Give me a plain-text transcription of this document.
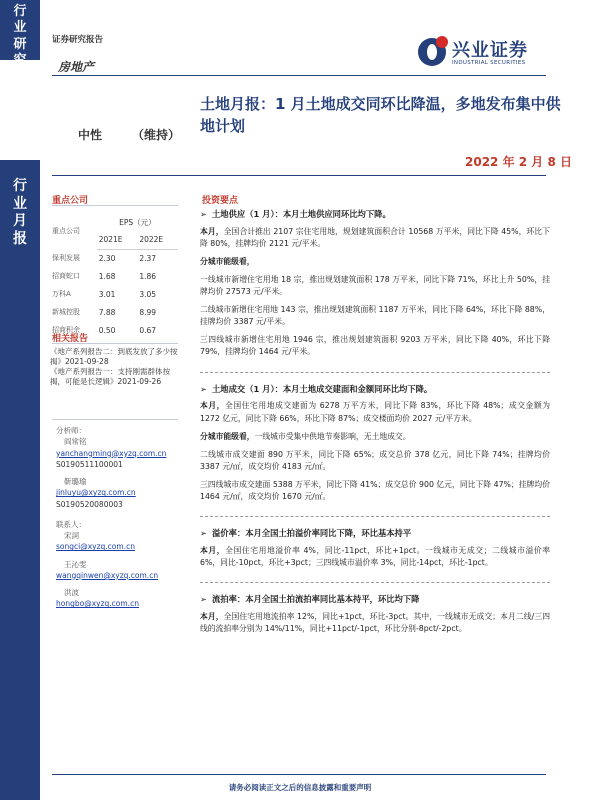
行
业
研
究
行
业
月
报
证券研究报告
房地产
兴业证券
INDUSTRIAL SECURITIES
中性 （维持）
土地月报：1 月土地成交同环比降温，多地发布集中供地计划
2022 年 2 月 8 日
重点公司
重点公司	EPS（元）	
	2021E	2022E
保利发展	2.30	2.37
招商蛇口	1.68	1.86
万科A	3.01	3.05
新城控股	7.88	8.99
招商积余	0.50	0.67
相关报告
《地产系列报告二：到底发放了多少按揭》2021-09-28
《地产系列报告一：支持刚需群体按揭，可能是长逻辑》2021-09-26
分析师：
阎常铭
yanchangming@xyzq.com.cn
S0190511100001
靳璐瑜
jinluyu@xyzq.com.cn
S0190520080003
联系人：
宋詞
songci@xyzq.com.cn
王沁雯
wangqinwen@xyzq.com.cn
洪波
hongbo@xyzq.com.cn
投资要点
➢ 土地供应（1 月）：本月土地供应同环比均下降。
本月，全国合计推出 2107 宗住宅用地，规划建筑面积合计 10568 万平米，同比下降 45%，环比下降 80%，挂牌均价 2121 元/平米。
分城市能级看，
一线城市新增住宅用地 18 宗，推出规划建筑面积 178 万平米，同比下降 71%，环比上升 50%，挂牌均价 27573 元/平米。
二线城市新增住宅用地 143 宗，推出规划建筑面积 1187 万平米，同比下降 64%，环比下降 88%，挂牌均价 3387 元/平米。
三四线城市新增住宅用地 1946 宗，推出规划建筑面积 9203 万平米，同比下降 40%，环比下降 79%，挂牌均价 1464 元/平米。
➢ 土地成交（1 月）：本月土地成交建面和金额同环比均下降。
本月，全国住宅用地成交建面为 6278 万平方米，同比下降 83%，环比下降 48%；成交金额为 1272 亿元，同比下降 66%，环比下降 87%；成交楼面均价 2027 元/平方米。
分城市能级看，一线城市受集中供地节奏影响，无土地成交。
二线城市成交建面 890 万平米，同比下降 65%；成交总价 378 亿元，同比下降 74%；挂牌均价 3387 元/㎡，成交均价 4183 元/㎡。
三四线城市成交建面 5388 万平米，同比下降 41%；成交总价 900 亿元，同比下降 47%；挂牌均价 1464 元/㎡，成交均价 1670 元/㎡。
➢ 溢价率：本月全国土拍溢价率同比下降，环比基本持平
本月，全国住宅用地溢价率 4%，同比-11pct，环比+1pct。一线城市无成交；二线城市溢价率 6%，同比-10pct，环比+3pct；三四线城市溢价率 3%，同比-14pct，环比-1pct。
➢ 流拍率：本月全国土拍流拍率同比基本持平，环比均下降
本月，全国住宅用地流拍率 12%，同比+1pct，环比-3pct。其中，一线城市无成交；本月二线/三四线的流拍率分别为 14%/11%，同比+11pct/-1pct，环比分别-8pct/-2pct。
请务必阅读正文之后的信息披露和重要声明
